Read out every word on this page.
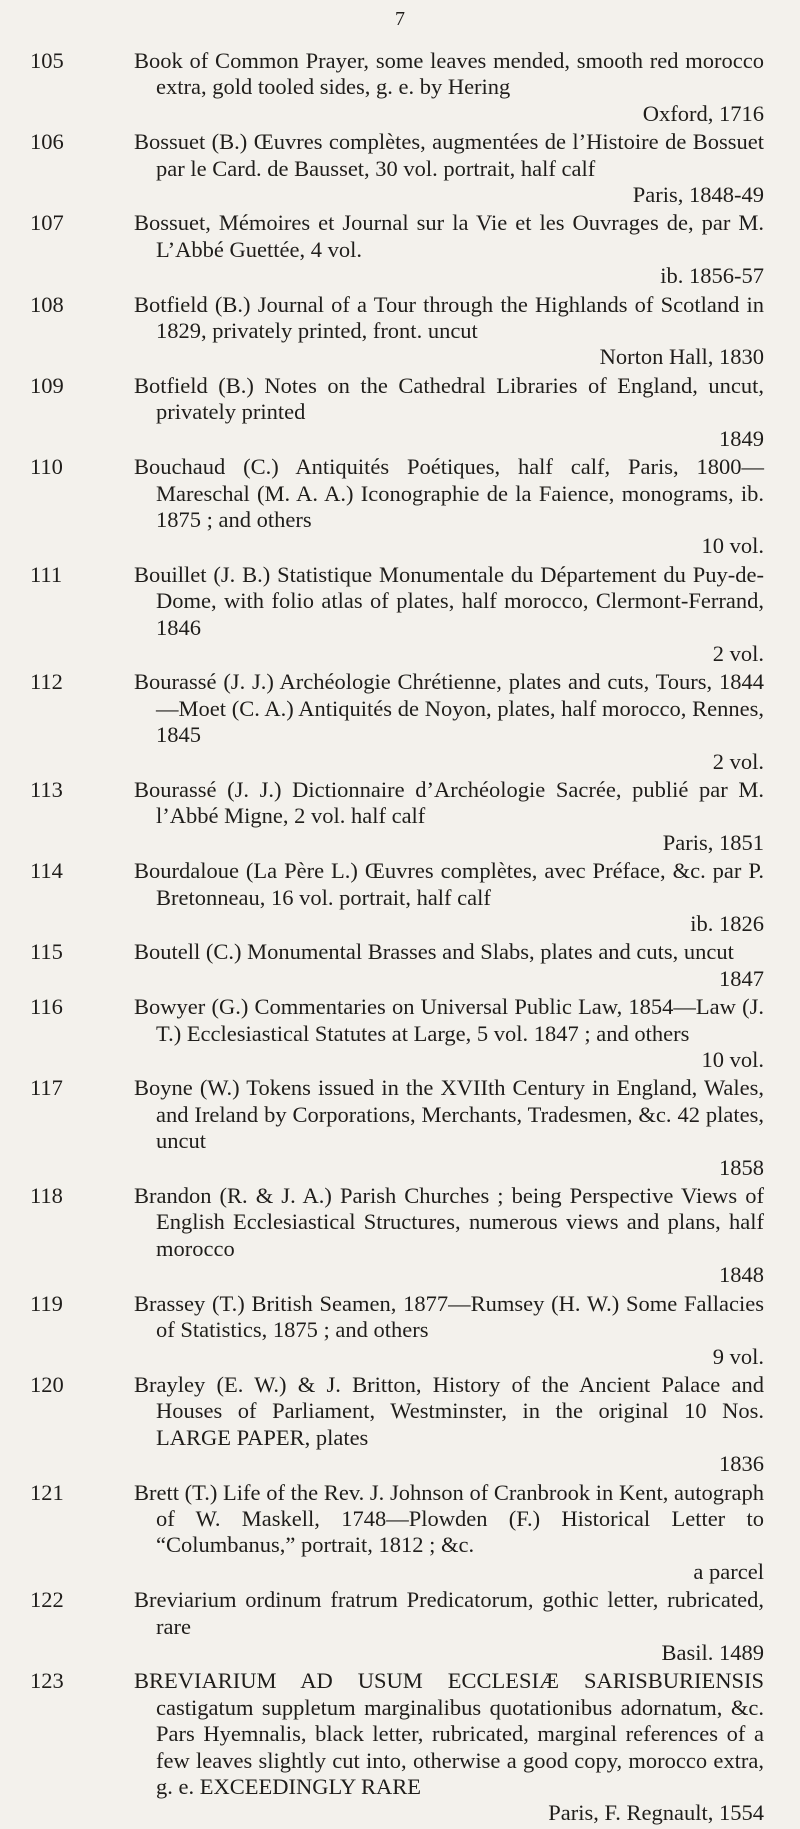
7
105	Book of Common Prayer, some leaves mended, smooth red morocco extra, gold tooled sides, g. e. by Hering
Oxford, 1716
106	Bossuet (B.) Œuvres complètes, augmentées de l’Histoire de Bossuet par le Card. de Bausset, 30 vol. portrait, half calf
Paris, 1848-49
107	Bossuet, Mémoires et Journal sur la Vie et les Ouvrages de, par M. L’Abbé Guettée, 4 vol.
ib. 1856-57
108	Botfield (B.) Journal of a Tour through the Highlands of Scotland in 1829, privately printed, front. uncut
Norton Hall, 1830
109	Botfield (B.) Notes on the Cathedral Libraries of England, uncut, privately printed
1849
110	Bouchaud (C.) Antiquités Poétiques, half calf, Paris, 1800—Mareschal (M. A. A.) Iconographie de la Faience, monograms, ib. 1875 ; and others
10 vol.
111	Bouillet (J. B.) Statistique Monumentale du Département du Puy-de-Dome, with folio atlas of plates, half morocco, Clermont-Ferrand, 1846
2 vol.
112	Bourassé (J. J.) Archéologie Chrétienne, plates and cuts, Tours, 1844—Moet (C. A.) Antiquités de Noyon, plates, half morocco, Rennes, 1845
2 vol.
113	Bourassé (J. J.) Dictionnaire d’Archéologie Sacrée, publié par M. l’Abbé Migne, 2 vol. half calf
Paris, 1851
114	Bourdaloue (La Père L.) Œuvres complètes, avec Préface, &c. par P. Bretonneau, 16 vol. portrait, half calf
ib. 1826
115	Boutell (C.) Monumental Brasses and Slabs, plates and cuts, uncut
1847
116	Bowyer (G.) Commentaries on Universal Public Law, 1854—Law (J. T.) Ecclesiastical Statutes at Large, 5 vol. 1847 ; and others
10 vol.
117	Boyne (W.) Tokens issued in the XVIIth Century in England, Wales, and Ireland by Corporations, Merchants, Tradesmen, &c. 42 plates, uncut
1858
118	Brandon (R. & J. A.) Parish Churches ; being Perspective Views of English Ecclesiastical Structures, numerous views and plans, half morocco
1848
119	Brassey (T.) British Seamen, 1877—Rumsey (H. W.) Some Fallacies of Statistics, 1875 ; and others
9 vol.
120	Brayley (E. W.) & J. Britton, History of the Ancient Palace and Houses of Parliament, Westminster, in the original 10 Nos. LARGE PAPER, plates
1836
121	Brett (T.) Life of the Rev. J. Johnson of Cranbrook in Kent, autograph of W. Maskell, 1748—Plowden (F.) Historical Letter to “Columbanus,” portrait, 1812 ; &c.
a parcel
122	Breviarium ordinum fratrum Predicatorum, gothic letter, rubricated, rare
Basil. 1489
123	BREVIARIUM AD USUM ECCLESIÆ SARISBURIENSIS castigatum suppletum marginalibus quotationibus adornatum, &c. Pars Hyemnalis, black letter, rubricated, marginal references of a few leaves slightly cut into, otherwise a good copy, morocco extra, g. e. EXCEEDINGLY RARE
Paris, F. Regnault, 1554
